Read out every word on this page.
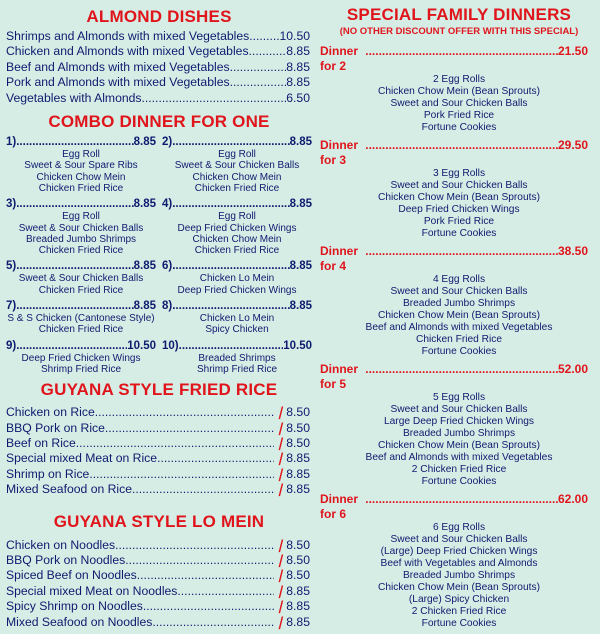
ALMOND DISHES
Shrimps and Almonds with mixed Vegetables ..... 10.50
Chicken and Almonds with mixed Vegetables .....	8.85
Beef and Almonds with mixed Vegetables .....	8.85
Pork and Almonds with mixed Vegetables .....	8.85
Vegetables with Almonds .....	6.50
COMBO DINNER FOR ONE
1) .....	8.85
Egg Roll
Sweet & Sour Spare Ribs
Chicken Chow Mein
Chicken Fried Rice
2) .....	8.85
Egg Roll
Sweet & Sour Chicken Balls
Chicken Chow Mein
Chicken Fried Rice
3) .....	8.85
Egg Roll
Sweet & Sour Chicken Balls
Breaded Jumbo Shrimps
Chicken Fried Rice
4) .....	8.85
Egg Roll
Deep Fried Chicken Wings
Chicken Chow Mein
Chicken Fried Rice
5) .....	8.85
Sweet & Sour Chicken Balls
Chicken Fried Rice
6) .....	8.85
Chicken Lo Mein
Deep Fried Chicken Wings
7) .....	8.85
S & S Chicken (Cantonese Style)
Chicken Fried Rice
8) .....	8.85
Chicken Lo Mein
Spicy Chicken
9) .....	10.50
Deep Fried Chicken Wings
Shrimp Fried Rice
10) .....	10.50
Breaded Shrimps
Shrimp Fried Rice
GUYANA STYLE FRIED RICE
Chicken on Rice .....	❘ 8.50
BBQ Pork on Rice .....	❘ 8.50
Beef on Rice .....	❘ 8.50
Special mixed Meat on Rice .....	❘ 8.85
Shrimp on Rice .....	❘ 8.85
Mixed Seafood on Rice .....	❘ 8.85
GUYANA STYLE LO MEIN
Chicken on Noodles .....	❘ 8.50
BBQ Pork on Noodles .....	❘ 8.50
Spiced Beef on Noodles .....	❘ 8.50
Special mixed Meat on Noodles .....	❘ 8.85
Spicy Shrimp on Noodles .....	❘ 8.85
Mixed Seafood on Noodles .....	❘ 8.85
SPECIAL FAMILY DINNERS
(NO OTHER DISCOUNT OFFER WITH THIS SPECIAL)
Dinner for 2
.....
21.50
2 Egg Rolls
Chicken Chow Mein (Bean Sprouts)
Sweet and Sour Chicken Balls
Pork Fried Rice
Fortune Cookies
Dinner for 3
.....
29.50
3 Egg Rolls
Sweet and Sour Chicken Balls
Chicken Chow Mein (Bean Sprouts)
Deep Fried Chicken Wings
Pork Fried Rice
Fortune Cookies
Dinner for 4
.....
38.50
4 Egg Rolls
Sweet and Sour Chicken Balls
Breaded Jumbo Shrimps
Chicken Chow Mein (Bean Sprouts)
Beef and Almonds with mixed Vegetables
Chicken Fried Rice
Fortune Cookies
Dinner for 5
.....
52.00
5 Egg Rolls
Sweet and Sour Chicken Balls
Large Deep Fried Chicken Wings
Breaded Jumbo Shrimps
Chicken Chow Mein (Bean Sprouts)
Beef and Almonds with mixed Vegetables
2 Chicken Fried Rice
Fortune Cookies
Dinner for 6
.....
62.00
6 Egg Rolls
Sweet and Sour Chicken Balls
(Large) Deep Fried Chicken Wings
Beef with Vegetables and Almonds
Breaded Jumbo Shrimps
Chicken Chow Mein (Bean Sprouts)
(Large) Spicy Chicken
2 Chicken Fried Rice
Fortune Cookies
